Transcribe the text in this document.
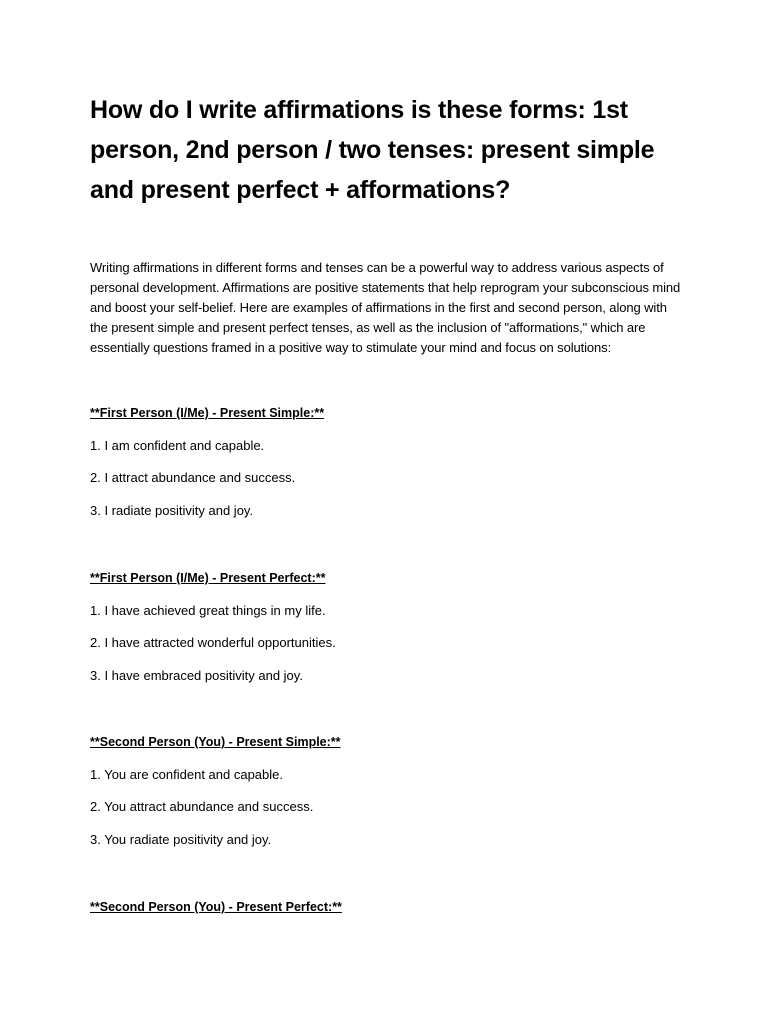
How do I write affirmations is these forms: 1st person, 2nd person / two tenses: present simple and present perfect + afformations?

Writing affirmations in different forms and tenses can be a powerful way to address various aspects of personal development. Affirmations are positive statements that help reprogram your subconscious mind and boost your self-belief. Here are examples of affirmations in the first and second person, along with the present simple and present perfect tenses, as well as the inclusion of "afformations," which are essentially questions framed in a positive way to stimulate your mind and focus on solutions:

**First Person (I/Me) - Present Simple:**
1. I am confident and capable.
2. I attract abundance and success.
3. I radiate positivity and joy.
**First Person (I/Me) - Present Perfect:**
1. I have achieved great things in my life.
2. I have attracted wonderful opportunities.
3. I have embraced positivity and joy.
**Second Person (You) - Present Simple:**
1. You are confident and capable.
2. You attract abundance and success.
3. You radiate positivity and joy.
**Second Person (You) - Present Perfect:**
